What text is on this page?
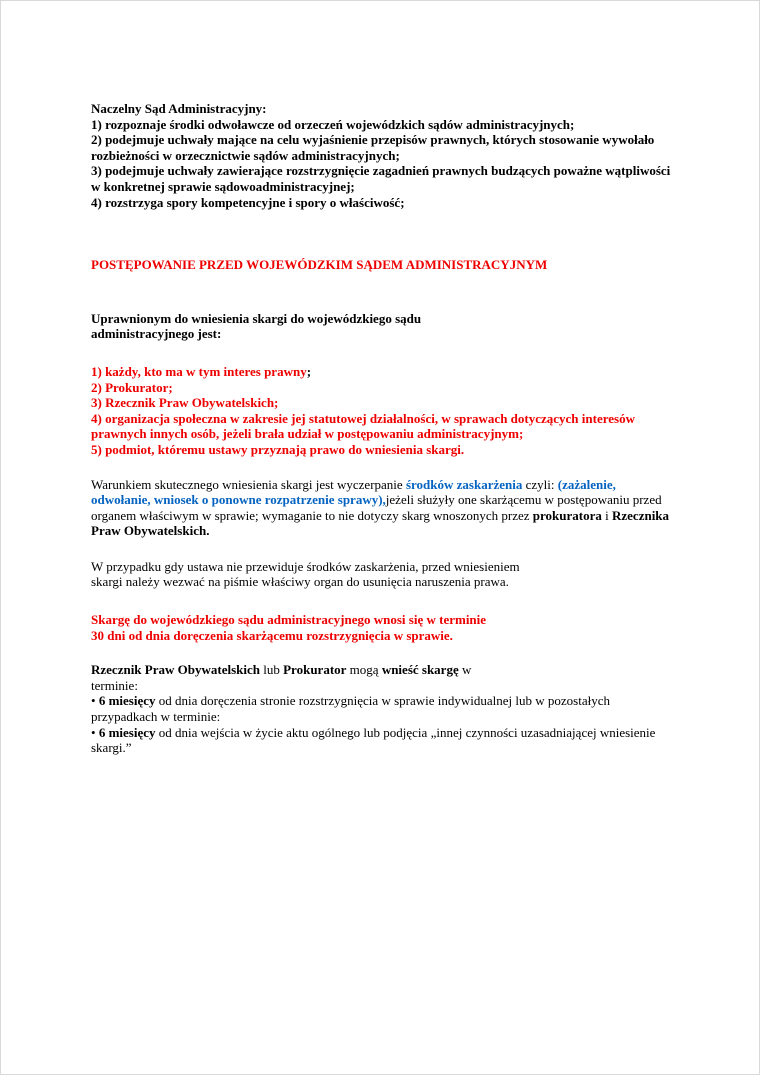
Naczelny Sąd Administracyjny:
1) rozpoznaje środki odwoławcze od orzeczeń wojewódzkich sądów administracyjnych;
2) podejmuje uchwały mające na celu wyjaśnienie przepisów prawnych, których stosowanie wywołało rozbieżności w orzecznictwie sądów administracyjnych;
3) podejmuje uchwały zawierające rozstrzygnięcie zagadnień prawnych budzących poważne wątpliwości w konkretnej sprawie sądowoadministracyjnej;
4) rozstrzyga spory kompetencyjne i spory o właściwość;
POSTĘPOWANIE PRZED WOJEWÓDZKIM SĄDEM ADMINISTRACYJNYM
Uprawnionym do wniesienia skargi do wojewódzkiego sądu
administracyjnego jest:
1) każdy, kto ma w tym interes prawny;
2) Prokurator;
3) Rzecznik Praw Obywatelskich;
4) organizacja społeczna w zakresie jej statutowej działalności, w sprawach dotyczących interesów prawnych innych osób, jeżeli brała udział w postępowaniu administracyjnym;
5) podmiot, któremu ustawy przyznają prawo do wniesienia skargi.
Warunkiem skutecznego wniesienia skargi jest wyczerpanie środków zaskarżenia czyli: (zażalenie, odwołanie, wniosek o ponowne rozpatrzenie sprawy),jeżeli służyły one skarżącemu w postępowaniu przed organem właściwym w sprawie; wymaganie to nie dotyczy skarg wnoszonych przez prokuratora i Rzecznika Praw Obywatelskich.
W przypadku gdy ustawa nie przewiduje środków zaskarżenia, przed wniesieniem
skargi należy wezwać na piśmie właściwy organ do usunięcia naruszenia prawa.
Skargę do wojewódzkiego sądu administracyjnego wnosi się w terminie
30 dni od dnia doręczenia skarżącemu rozstrzygnięcia w sprawie.
Rzecznik Praw Obywatelskich lub Prokurator mogą wnieść skargę w
terminie:
• 6 miesięcy od dnia doręczenia stronie rozstrzygnięcia w sprawie indywidualnej lub w pozostałych przypadkach w terminie:
• 6 miesięcy od dnia wejścia w życie aktu ogólnego lub podjęcia „innej czynności uzasadniającej wniesienie skargi.”
